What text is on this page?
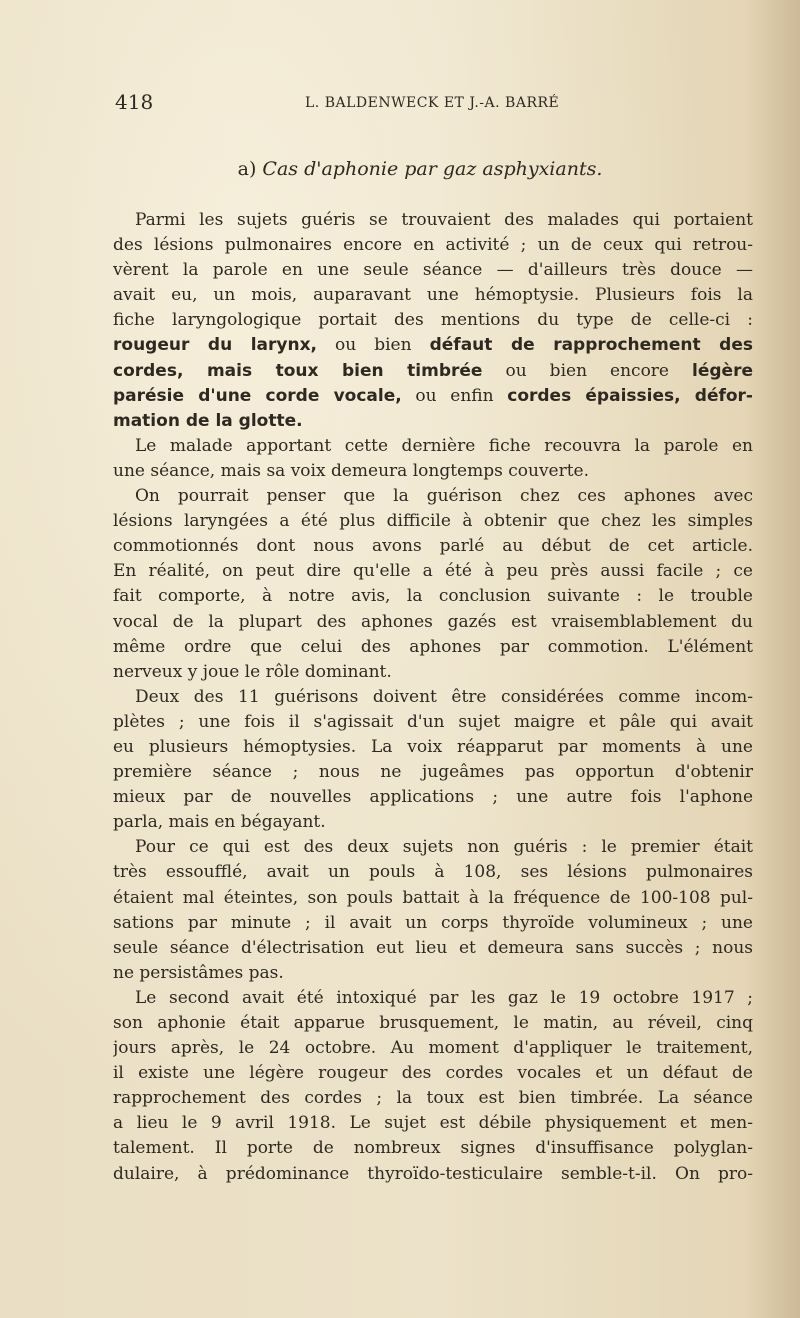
418	L. BALDENWECK ET J.-A. BARRÉ
a) Cas d'aphonie par gaz asphyxiants.
Parmi les sujets guéris se trouvaient des malades qui portaient
des lésions pulmonaires encore en activité ; un de ceux qui retrou-
vèrent la parole en une seule séance — d'ailleurs très douce —
avait eu, un mois, auparavant une hémoptysie. Plusieurs fois la
fiche laryngologique portait des mentions du type de celle-ci :
rougeur du larynx, ou bien défaut de rapprochement des
cordes, mais toux bien timbrée ou bien encore légère
parésie d'une corde vocale, ou enfin cordes épaissies, défor-
mation de la glotte.
Le malade apportant cette dernière fiche recouvra la parole en
une séance, mais sa voix demeura longtemps couverte.
On pourrait penser que la guérison chez ces aphones avec
lésions laryngées a été plus difficile à obtenir que chez les simples
commotionnés dont nous avons parlé au début de cet article.
En réalité, on peut dire qu'elle a été à peu près aussi facile ; ce
fait comporte, à notre avis, la conclusion suivante : le trouble
vocal de la plupart des aphones gazés est vraisemblablement du
même ordre que celui des aphones par commotion. L'élément
nerveux y joue le rôle dominant.
Deux des 11 guérisons doivent être considérées comme incom-
plètes ; une fois il s'agissait d'un sujet maigre et pâle qui avait
eu plusieurs hémoptysies. La voix réapparut par moments à une
première séance ; nous ne jugeâmes pas opportun d'obtenir
mieux par de nouvelles applications ; une autre fois l'aphone
parla, mais en bégayant.
Pour ce qui est des deux sujets non guéris : le premier était
très essoufflé, avait un pouls à 108, ses lésions pulmonaires
étaient mal éteintes, son pouls battait à la fréquence de 100-108 pul-
sations par minute ; il avait un corps thyroïde volumineux ; une
seule séance d'électrisation eut lieu et demeura sans succès ; nous
ne persistâmes pas.
Le second avait été intoxiqué par les gaz le 19 octobre 1917 ;
son aphonie était apparue brusquement, le matin, au réveil, cinq
jours après, le 24 octobre. Au moment d'appliquer le traitement,
il existe une légère rougeur des cordes vocales et un défaut de
rapprochement des cordes ; la toux est bien timbrée. La séance
a lieu le 9 avril 1918. Le sujet est débile physiquement et men-
talement. Il porte de nombreux signes d'insuffisance polyglan-
dulaire, à prédominance thyroïdo-testiculaire semble-t-il. On pro-
